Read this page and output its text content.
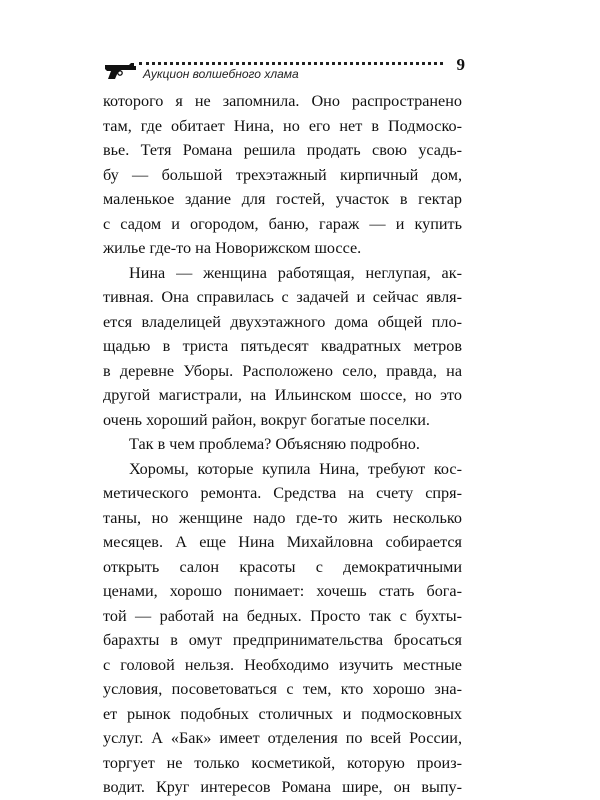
Аукцион волшебного хлама	9
которого я не запомнила. Оно распространено
там, где обитает Нина, но его нет в Подмоско-
вье. Тетя Романа решила продать свою усадь-
бу — большой трехэтажный кирпичный дом,
маленькое здание для гостей, участок в гектар
с садом и огородом, баню, гараж — и купить
жилье где-то на Новорижском шоссе.
Нина — женщина работящая, неглупая, ак-
тивная. Она справилась с задачей и сейчас явля-
ется владелицей двухэтажного дома общей пло-
щадью в триста пятьдесят квадратных метров
в деревне Уборы. Расположено село, правда, на
другой магистрали, на Ильинском шоссе, но это
очень хороший район, вокруг богатые поселки.
Так в чем проблема? Объясняю подробно.
Хоромы, которые купила Нина, требуют кос-
метического ремонта. Средства на счету спря-
таны, но женщине надо где-то жить несколько
месяцев. А еще Нина Михайловна собирается
открыть салон красоты с демократичными
ценами, хорошо понимает: хочешь стать бога-
той — работай на бедных. Просто так с бухты-
барахты в омут предпринимательства бросаться
с головой нельзя. Необходимо изучить местные
условия, посоветоваться с тем, кто хорошо зна-
ет рынок подобных столичных и подмосковных
услуг. А «Бак» имеет отделения по всей России,
торгует не только косметикой, которую произ-
водит. Круг интересов Романа шире, он выпу-
